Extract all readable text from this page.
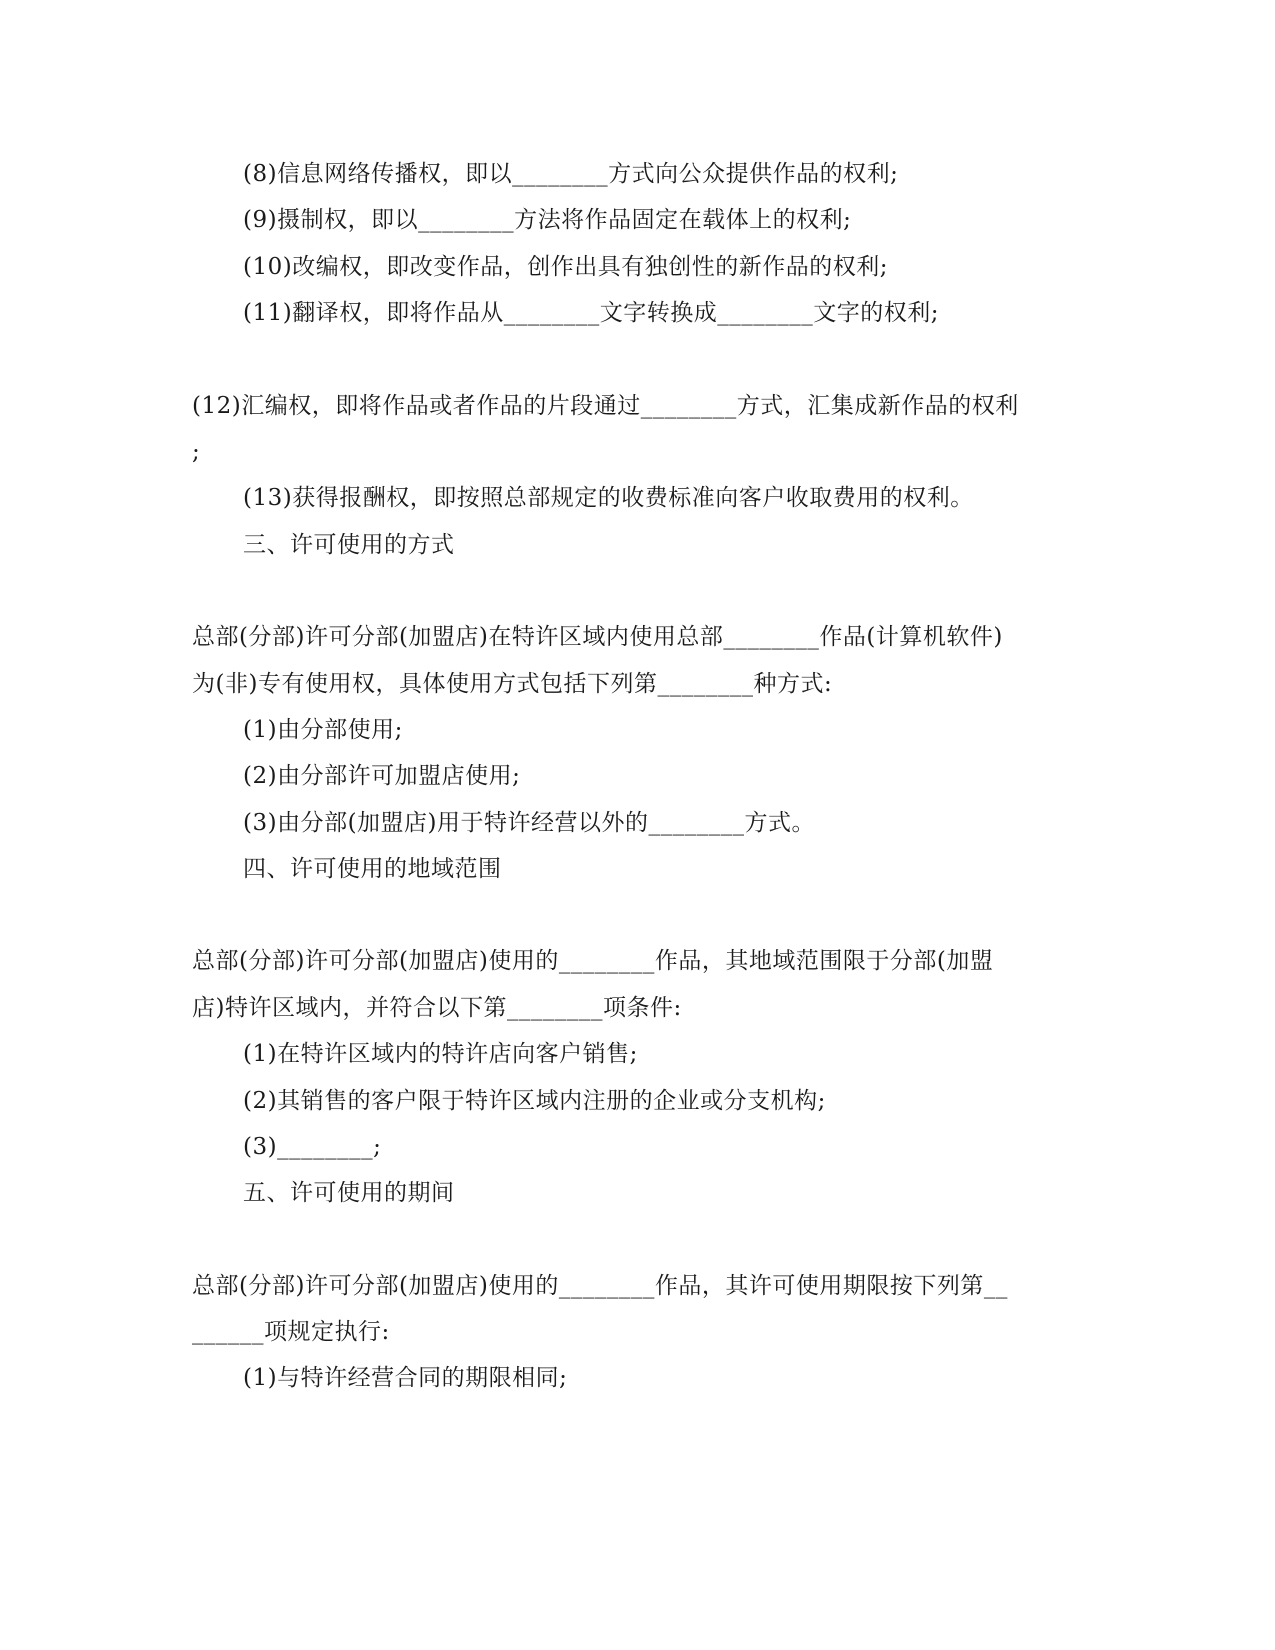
(8)信息网络传播权，即以________方式向公众提供作品的权利;
(9)摄制权，即以________方法将作品固定在载体上的权利;
(10)改编权，即改变作品，创作出具有独创性的新作品的权利;
(11)翻译权，即将作品从________文字转换成________文字的权利;
(12)汇编权，即将作品或者作品的片段通过________方式，汇集成新作品的权利
;
(13)获得报酬权，即按照总部规定的收费标准向客户收取费用的权利。
三、许可使用的方式
总部(分部)许可分部(加盟店)在特许区域内使用总部________作品(计算机软件)
为(非)专有使用权，具体使用方式包括下列第________种方式:
(1)由分部使用;
(2)由分部许可加盟店使用;
(3)由分部(加盟店)用于特许经营以外的________方式。
四、许可使用的地域范围
总部(分部)许可分部(加盟店)使用的________作品，其地域范围限于分部(加盟
店)特许区域内，并符合以下第________项条件:
(1)在特许区域内的特许店向客户销售;
(2)其销售的客户限于特许区域内注册的企业或分支机构;
(3)________;
五、许可使用的期间
总部(分部)许可分部(加盟店)使用的________作品，其许可使用期限按下列第__
______项规定执行:
(1)与特许经营合同的期限相同;
